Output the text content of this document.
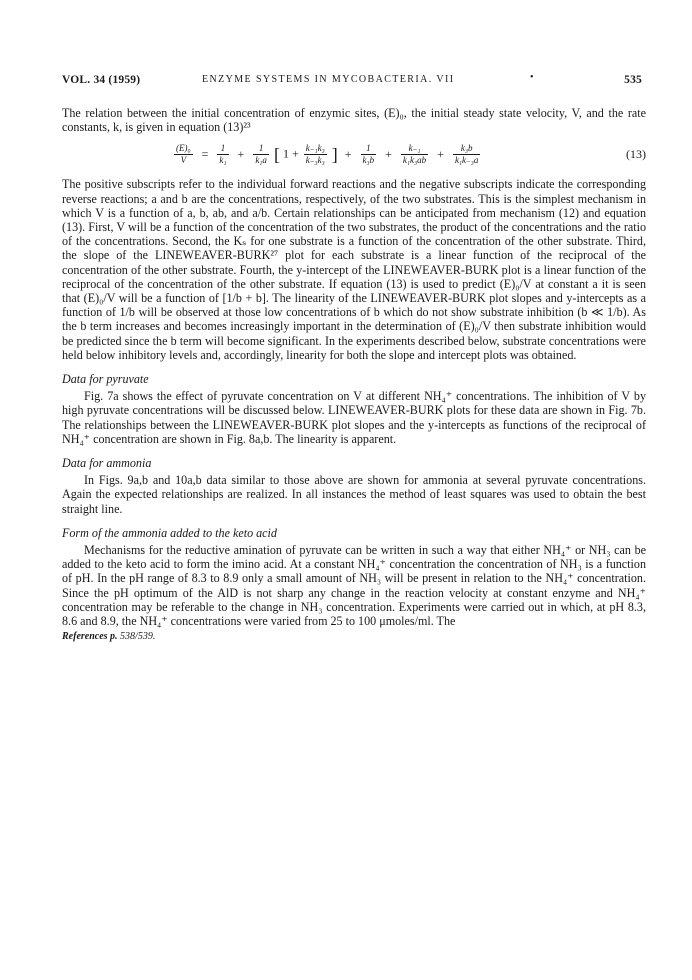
VOL. 34 (1959)	ENZYME SYSTEMS IN MYCOBACTERIA. VII	•	535

The relation between the initial concentration of enzymic sites, (E)₀, the initial steady state velocity, V, and the rate constants, k, is given in equation (13)²³

$\frac{\text{(E)₀}}{V} = \frac{1}{\text{k₁}} + \frac{1}{\text{k₁a}}$ [ $1 + \frac{\text{k₋₁k₃}}{\text{k₋₃k₃}}$ ] + $\frac{1}{\text{k₃b}} + \frac{\text{k₋₁}}{\text{k₁k₃ab}} + \frac{\text{k₃b}}{\text{k₁k₋₃a}}$	(13)

The positive subscripts refer to the individual forward reactions and the negative subscripts indicate the corresponding reverse reactions; a and b are the concentrations, respectively, of the two substrates. This is the simplest mechanism in which V is a function of a, b, ab, and a/b. Certain relationships can be anticipated from mechanism (12) and equation (13). First, V will be a function of the concentration of the two substrates, the product of the concentrations and the ratio of the concentrations. Second, the Kₛ for one substrate is a function of the concentration of the other substrate. Third, the slope of the LINEWEAVER-BURK²⁷ plot for each substrate is a linear function of the reciprocal of the concentration of the other substrate. Fourth, the y-intercept of the LINEWEAVER-BURK plot is a linear function of the reciprocal of the concentration of the other substrate. If equation (13) is used to predict (E)₀/V at constant a it is seen that (E)₀/V will be a function of [1/b + b]. The linearity of the LINEWEAVER-BURK plot slopes and y-intercepts as a function of 1/b will be observed at those low concentrations of b which do not show substrate inhibition (b ≪ 1/b). As the b term increases and becomes increasingly important in the determination of (E)₀/V then substrate inhibition would be predicted since the b term will become significant. In the experiments described below, substrate concentrations were held below inhibitory levels and, accordingly, linearity for both the slope and intercept plots was obtained.

Data for pyruvate

Fig. 7a shows the effect of pyruvate concentration on V at different NH₄⁺ concentrations. The inhibition of V by high pyruvate concentrations will be discussed below. LINEWEAVER-BURK plots for these data are shown in Fig. 7b. The relationships between the LINEWEAVER-BURK plot slopes and the y-intercepts as functions of the reciprocal of NH₄⁺ concentration are shown in Fig. 8a,b. The linearity is apparent.

Data for ammonia

In Figs. 9a,b and 10a,b data similar to those above are shown for ammonia at several pyruvate concentrations. Again the expected relationships are realized. In all instances the method of least squares was used to obtain the best straight line.

Form of the ammonia added to the keto acid

Mechanisms for the reductive amination of pyruvate can be written in such a way that either NH₄⁺ or NH₃ can be added to the keto acid to form the imino acid. At a constant NH₄⁺ concentration the concentration of NH₃ is a function of pH. In the pH range of 8.3 to 8.9 only a small amount of NH₃ will be present in relation to the NH₄⁺ concentration. Since the pH optimum of the AlD is not sharp any change in the reaction velocity at constant enzyme and NH₄⁺ concentration may be referable to the change in NH₃ concentration. Experiments were carried out in which, at pH 8.3, 8.6 and 8.9, the NH₄⁺ concentrations were varied from 25 to 100 μmoles/ml. The

References p. 538/539.
